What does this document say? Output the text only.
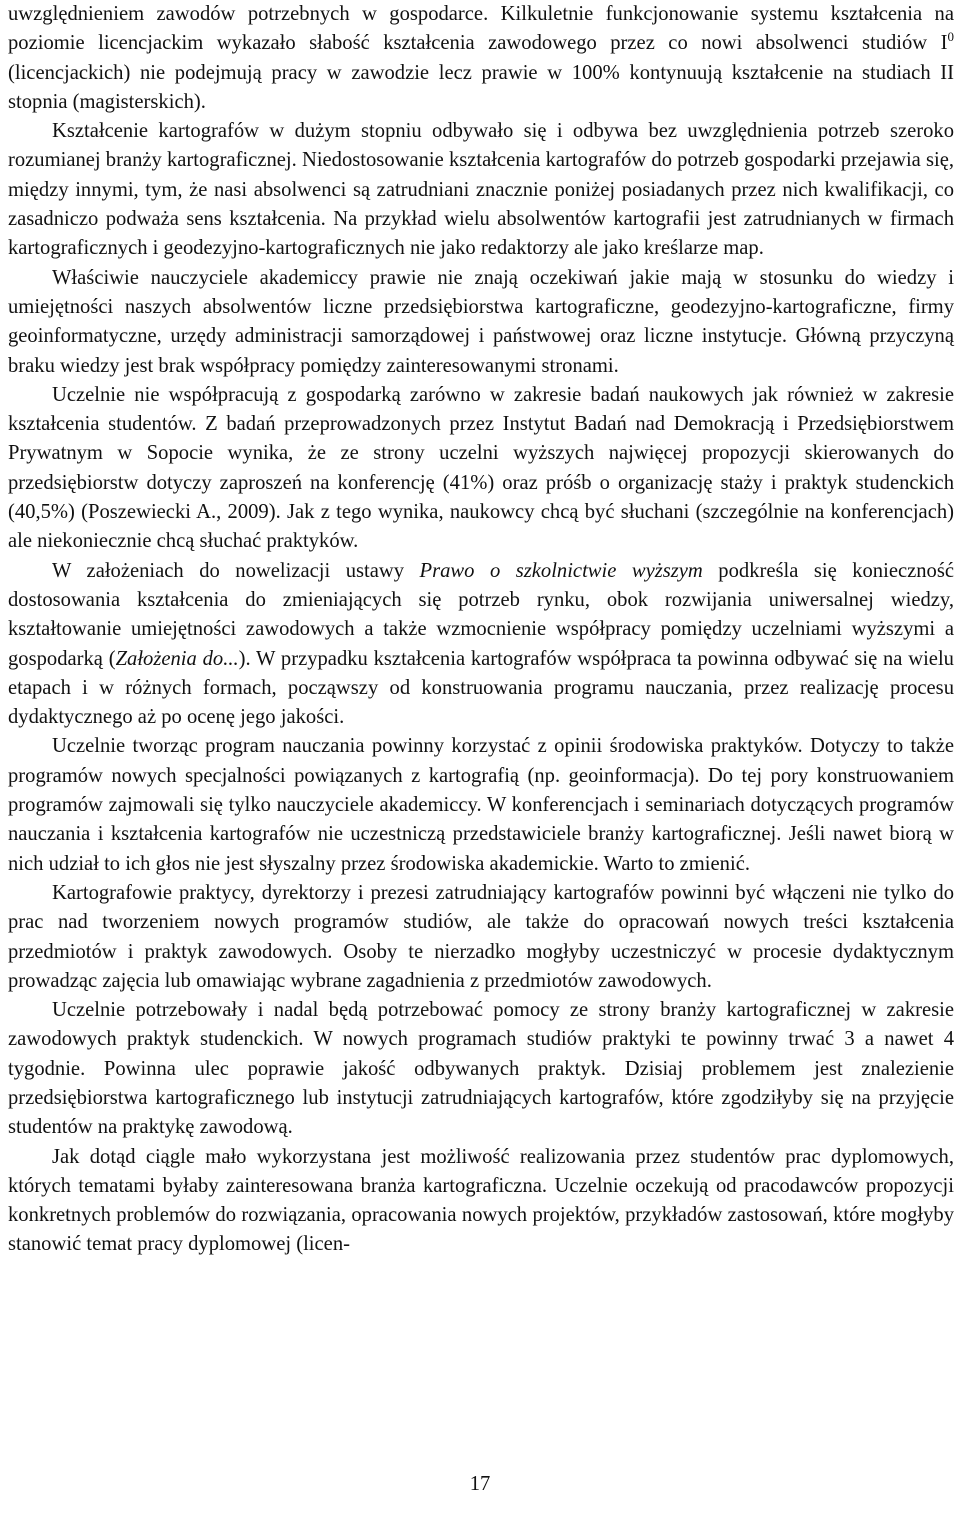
uwzględnieniem zawodów potrzebnych w gospodarce. Kilkuletnie funkcjonowanie systemu kształcenia na poziomie licencjackim wykazało słabość kształcenia zawodowego przez co nowi absolwenci studiów $I^0$ (licencjackich) nie podejmują pracy w zawodzie lecz prawie w 100% kontynuują kształcenie na studiach II stopnia (magisterskich).

Kształcenie kartografów w dużym stopniu odbywało się i odbywa bez uwzględnienia potrzeb szeroko rozumianej branży kartograficznej. Niedostosowanie kształcenia kartografów do potrzeb gospodarki przejawia się, między innymi, tym, że nasi absolwenci są zatrudniani znacznie poniżej posiadanych przez nich kwalifikacji, co zasadniczo podważa sens kształcenia. Na przykład wielu absolwentów kartografii jest zatrudnianych w firmach kartograficznych i geodezyjno-kartograficznych nie jako redaktorzy ale jako kreślarze map.

Właściwie nauczyciele akademiccy prawie nie znają oczekiwań jakie mają w stosunku do wiedzy i umiejętności naszych absolwentów liczne przedsiębiorstwa kartograficzne, geodezyjno-kartograficzne, firmy geoinformatyczne, urzędy administracji samorządowej i państwowej oraz liczne instytucje. Główną przyczyną braku wiedzy jest brak współpracy pomiędzy zainteresowanymi stronami.

Uczelnie nie współpracują z gospodarką zarówno w zakresie badań naukowych jak również w zakresie kształcenia studentów. Z badań przeprowadzonych przez Instytut Badań nad Demokracją i Przedsiębiorstwem Prywatnym w Sopocie wynika, że ze strony uczelni wyższych najwięcej propozycji skierowanych do przedsiębiorstw dotyczy zaproszeń na konferencję (41%) oraz próśb o organizację staży i praktyk studenckich (40,5%) (Poszewiecki A., 2009). Jak z tego wynika, naukowcy chcą być słuchani (szczególnie na konferencjach) ale niekoniecznie chcą słuchać praktyków.

W założeniach do nowelizacji ustawy Prawo o szkolnictwie wyższym podkreśla się konieczność dostosowania kształcenia do zmieniających się potrzeb rynku, obok rozwijania uniwersalnej wiedzy, kształtowanie umiejętności zawodowych a także wzmocnienie współpracy pomiędzy uczelniami wyższymi a gospodarką (Założenia do...). W przypadku kształcenia kartografów współpraca ta powinna odbywać się na wielu etapach i w różnych formach, począwszy od konstruowania programu nauczania, przez realizację procesu dydaktycznego aż po ocenę jego jakości.

Uczelnie tworząc program nauczania powinny korzystać z opinii środowiska praktyków. Dotyczy to także programów nowych specjalności powiązanych z kartografią (np. geoinformacja). Do tej pory konstruowaniem programów zajmowali się tylko nauczyciele akademiccy. W konferencjach i seminariach dotyczących programów nauczania i kształcenia kartografów nie uczestniczą przedstawiciele branży kartograficznej. Jeśli nawet biorą w nich udział to ich głos nie jest słyszalny przez środowiska akademickie. Warto to zmienić.

Kartografowie praktycy, dyrektorzy i prezesi zatrudniający kartografów powinni być włączeni nie tylko do prac nad tworzeniem nowych programów studiów, ale także do opracowań nowych treści kształcenia przedmiotów i praktyk zawodowych. Osoby te nierzadko mogłyby uczestniczyć w procesie dydaktycznym prowadząc zajęcia lub omawiając wybrane zagadnienia z przedmiotów zawodowych.

Uczelnie potrzebowały i nadal będą potrzebować pomocy ze strony branży kartograficznej w zakresie zawodowych praktyk studenckich. W nowych programach studiów praktyki te powinny trwać 3 a nawet 4 tygodnie. Powinna ulec poprawie jakość odbywanych praktyk. Dzisiaj problemem jest znalezienie przedsiębiorstwa kartograficznego lub instytucji zatrudniających kartografów, które zgodziłyby się na przyjęcie studentów na praktykę zawodową.

Jak dotąd ciągle mało wykorzystana jest możliwość realizowania przez studentów prac dyplomowych, których tematami byłaby zainteresowana branża kartograficzna. Uczelnie oczekują od pracodawców propozycji konkretnych problemów do rozwiązania, opracowania nowych projektów, przykładów zastosowań, które mogłyby stanowić temat pracy dyplomowej (licen-

17
